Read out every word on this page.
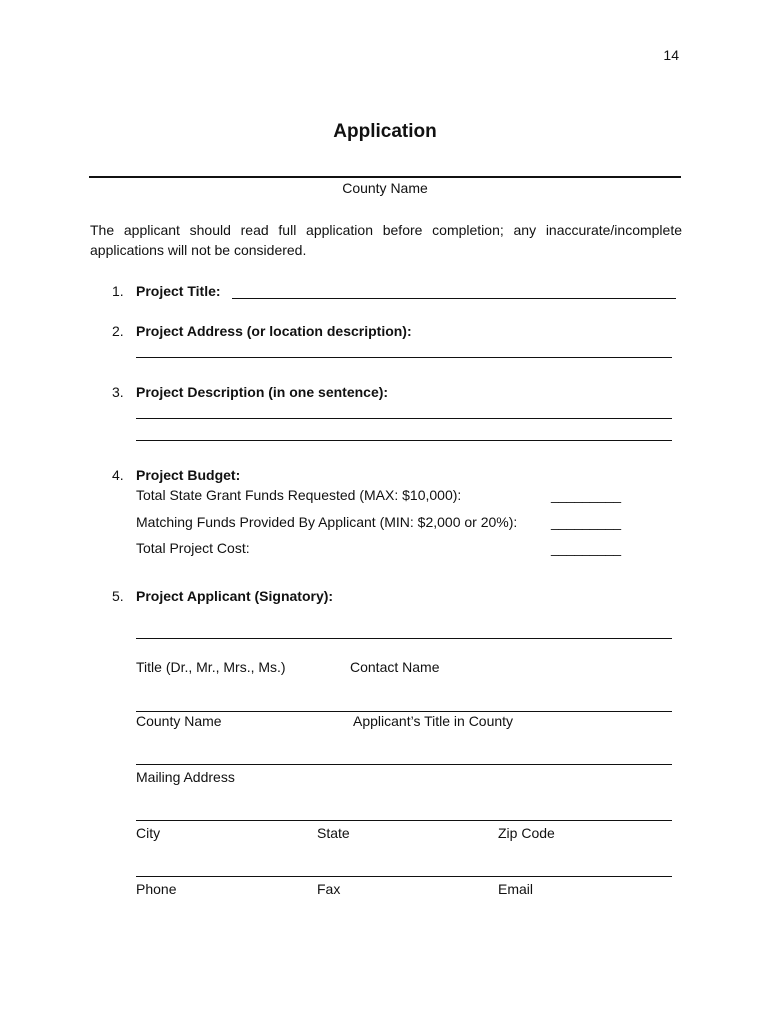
14
Application
County Name
The applicant should read full application before completion; any inaccurate/incomplete applications will not be considered.
1. Project Title:
2. Project Address (or location description):
3. Project Description (in one sentence):
4. Project Budget:
Total State Grant Funds Requested (MAX: $10,000):	_________
Matching Funds Provided By Applicant (MIN: $2,000 or 20%): _________
Total Project Cost:	_________
5. Project Applicant (Signatory):
Title (Dr., Mr., Mrs., Ms.)	Contact Name
County Name	Applicant’s Title in County
Mailing Address
City	State	Zip Code
Phone	Fax	Email
